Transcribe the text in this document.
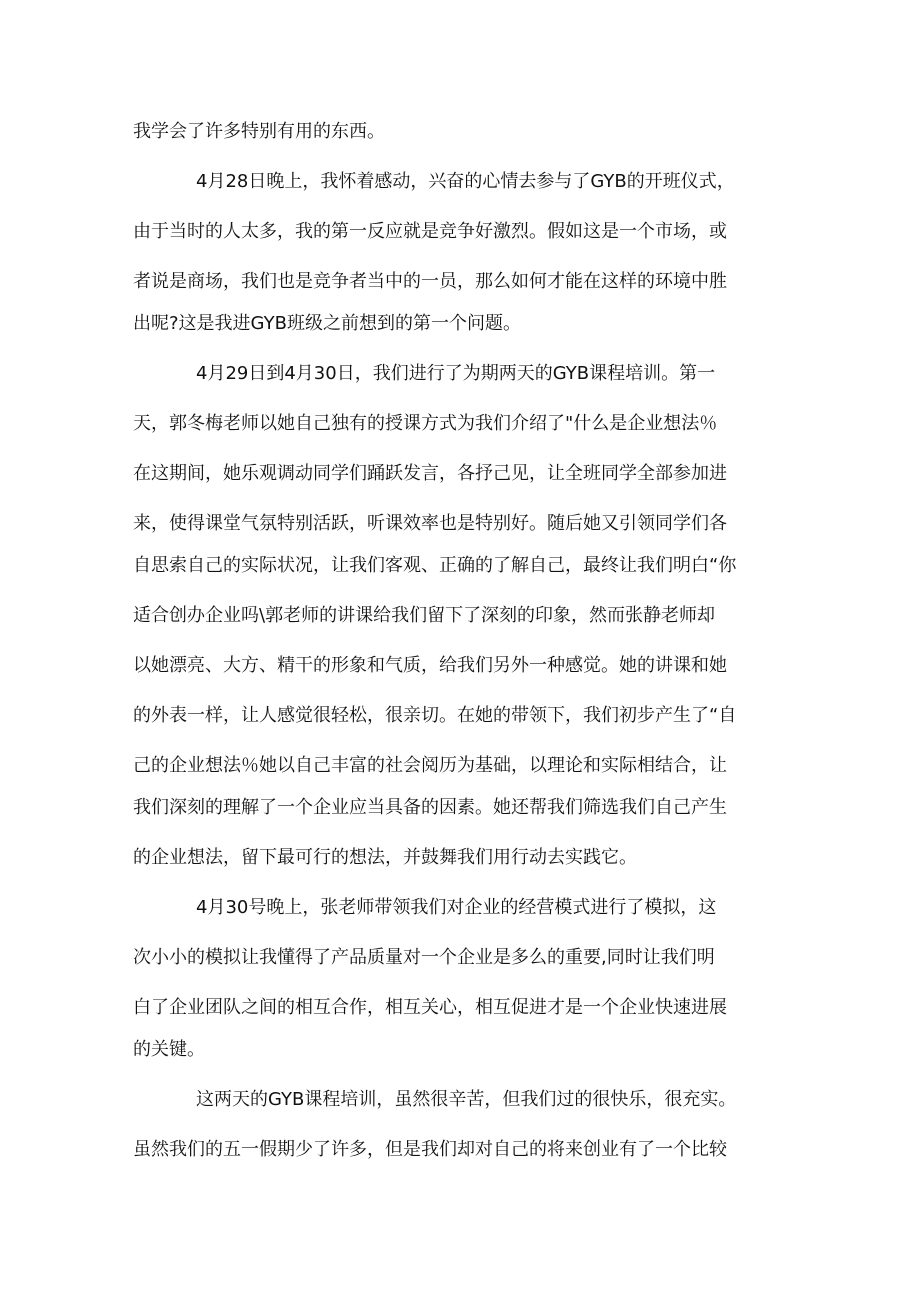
我学会了许多特别有用的东西。
4月28日晚上，我怀着感动，兴奋的心情去参与了GYB的开班仪式，
由于当时的人太多，我的第一反应就是竞争好激烈。假如这是一个市场，或
者说是商场，我们也是竞争者当中的一员，那么如何才能在这样的环境中胜
出呢?这是我进GYB班级之前想到的第一个问题。
4月29日到4月30日，我们进行了为期两天的GYB课程培训。第一
天，郭冬梅老师以她自己独有的授课方式为我们介绍了"什么是企业想法％
在这期间，她乐观调动同学们踊跃发言，各抒己见，让全班同学全部参加进
来，使得课堂气氛特别活跃，听课效率也是特别好。随后她又引领同学们各
自思索自己的实际状况，让我们客观、正确的了解自己，最终让我们明白“你
适合创办企业吗\郭老师的讲课给我们留下了深刻的印象，然而张静老师却
以她漂亮、大方、精干的形象和气质，给我们另外一种感觉。她的讲课和她
的外表一样，让人感觉很轻松，很亲切。在她的带领下，我们初步产生了“自
己的企业想法％她以自己丰富的社会阅历为基础，以理论和实际相结合，让
我们深刻的理解了一个企业应当具备的因素。她还帮我们筛选我们自己产生
的企业想法，留下最可行的想法，并鼓舞我们用行动去实践它。
4月30号晚上，张老师带领我们对企业的经营模式进行了模拟，这
次小小的模拟让我懂得了产品质量对一个企业是多么的重要,同时让我们明
白了企业团队之间的相互合作，相互关心，相互促进才是一个企业快速进展
的关键。
这两天的GYB课程培训，虽然很辛苦，但我们过的很快乐，很充实。
虽然我们的五一假期少了许多，但是我们却对自己的将来创业有了一个比较
